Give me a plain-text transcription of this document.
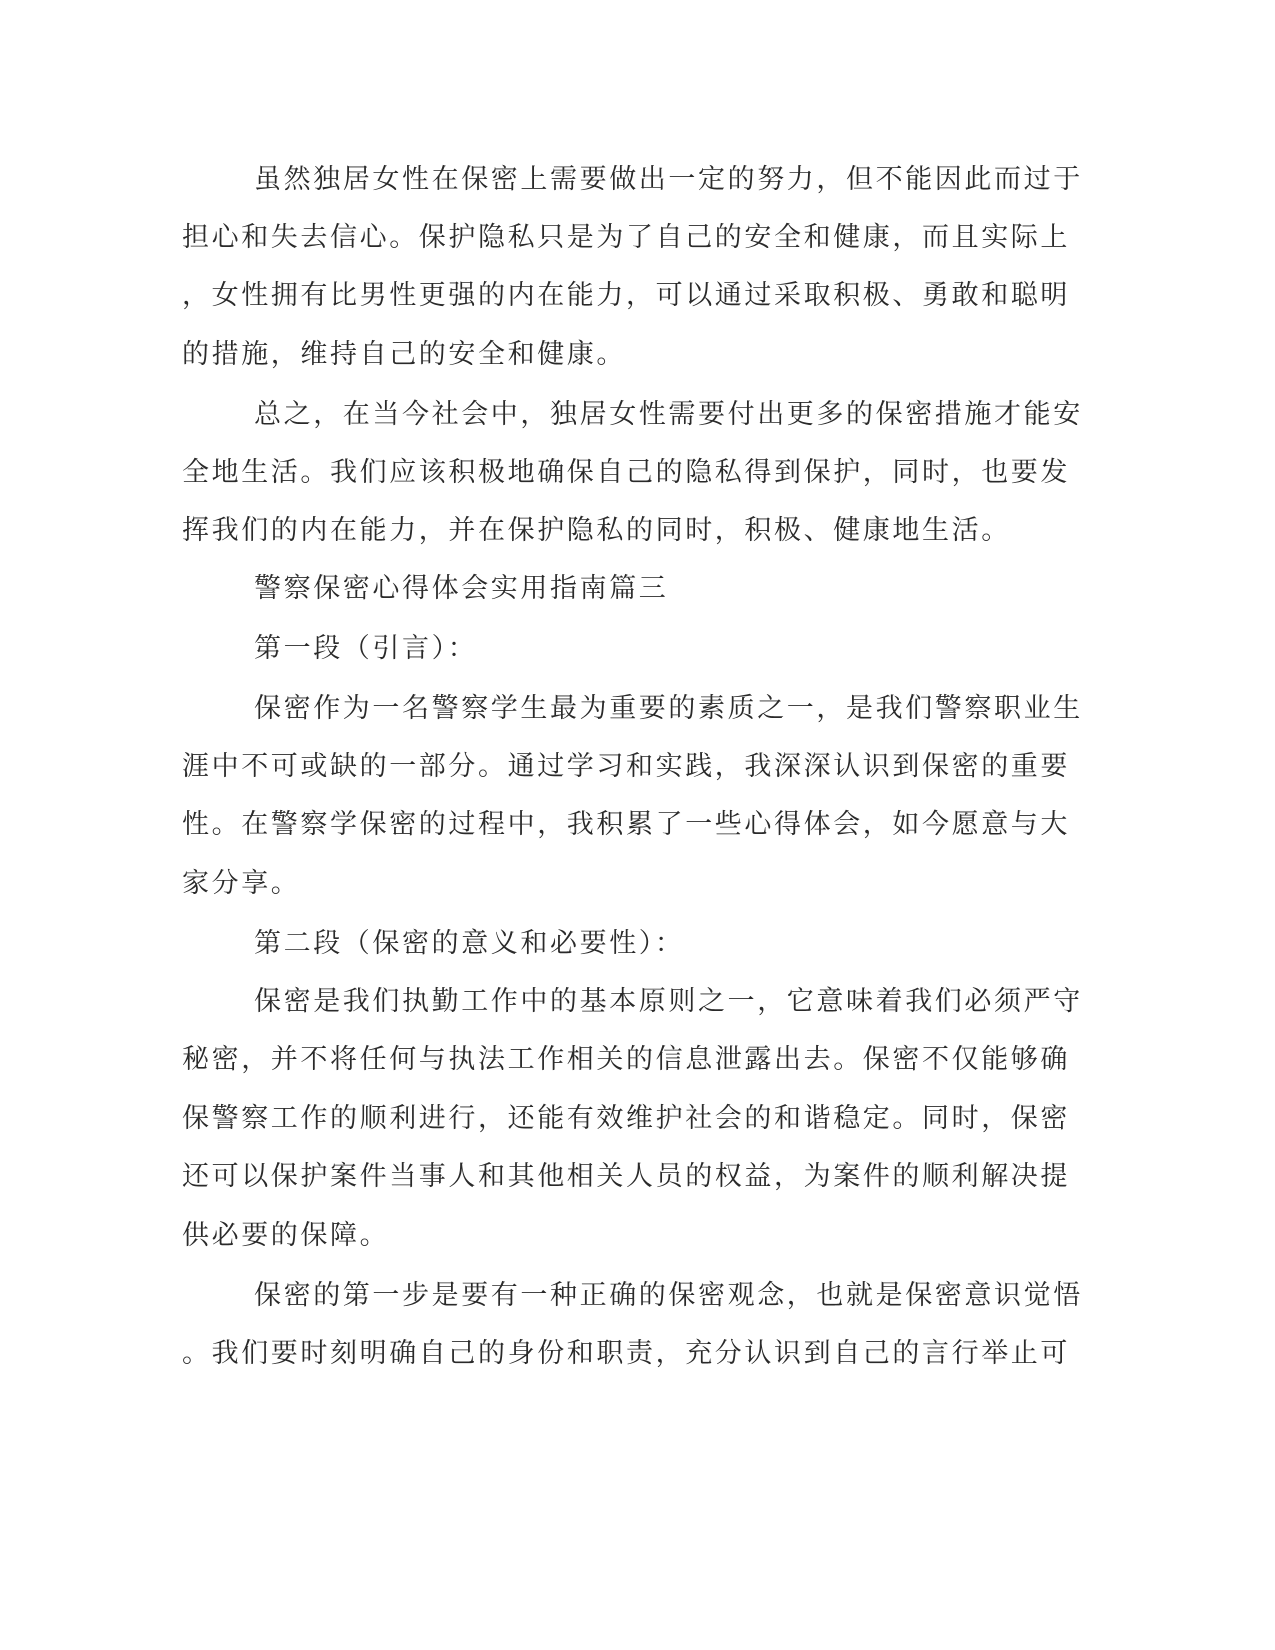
虽然独居女性在保密上需要做出一定的努力，但不能因此而过于
担心和失去信心。保护隐私只是为了自己的安全和健康，而且实际上
，女性拥有比男性更强的内在能力，可以通过采取积极、勇敢和聪明
的措施，维持自己的安全和健康。
总之，在当今社会中，独居女性需要付出更多的保密措施才能安
全地生活。我们应该积极地确保自己的隐私得到保护，同时，也要发
挥我们的内在能力，并在保护隐私的同时，积极、健康地生活。
警察保密心得体会实用指南篇三
第一段（引言）：
保密作为一名警察学生最为重要的素质之一，是我们警察职业生
涯中不可或缺的一部分。通过学习和实践，我深深认识到保密的重要
性。在警察学保密的过程中，我积累了一些心得体会，如今愿意与大
家分享。
第二段（保密的意义和必要性）：
保密是我们执勤工作中的基本原则之一，它意味着我们必须严守
秘密，并不将任何与执法工作相关的信息泄露出去。保密不仅能够确
保警察工作的顺利进行，还能有效维护社会的和谐稳定。同时，保密
还可以保护案件当事人和其他相关人员的权益，为案件的顺利解决提
供必要的保障。
保密的第一步是要有一种正确的保密观念，也就是保密意识觉悟
。我们要时刻明确自己的身份和职责，充分认识到自己的言行举止可
